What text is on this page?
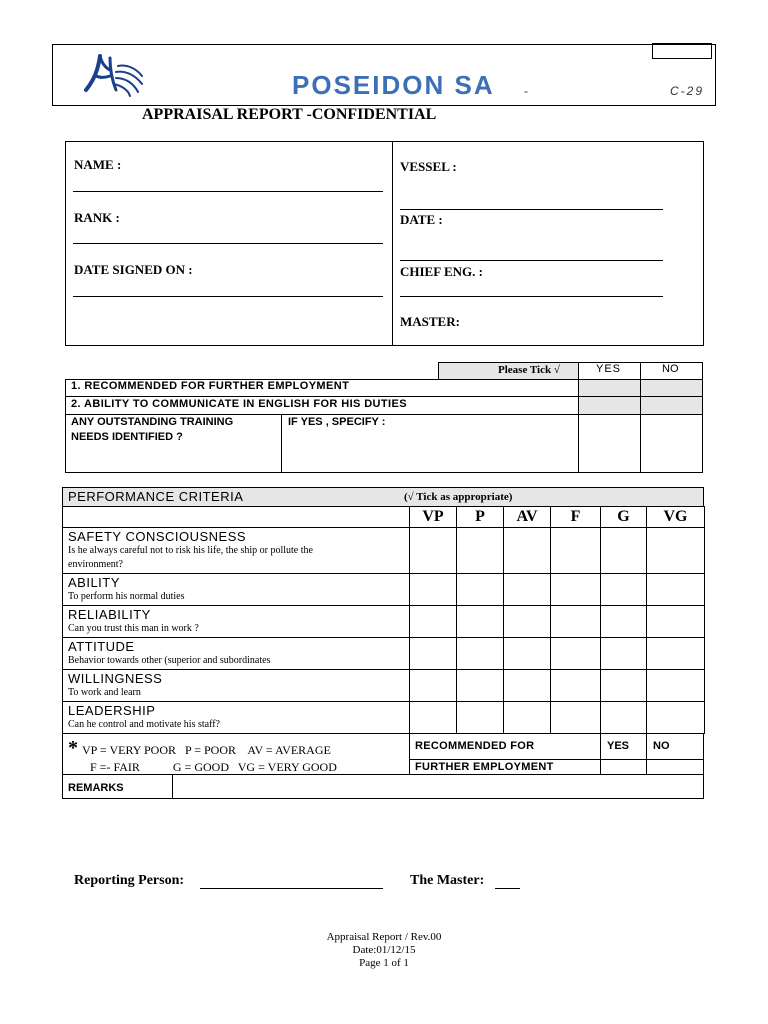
POSEIDON SA -	C-29
APPRAISAL REPORT -CONFIDENTIAL
NAME :
RANK :
DATE SIGNED ON :
VESSEL :
DATE :
CHIEF ENG. :
MASTER:
Please Tick √	YES	NO
1. RECOMMENDED FOR FURTHER EMPLOYMENT
2. ABILITY TO COMMUNICATE IN ENGLISH FOR HIS DUTIES
ANY OUTSTANDING TRAINING
NEEDS IDENTIFIED ?
IF YES , SPECIFY :
PERFORMANCE CRITERIA	(√ Tick as appropriate)
VP	P	AV	F	G	VG
SAFETY CONSCIOUSNESS
Is he always careful not to risk his life, the ship or pollute the
environment?
ABILITY
To perform his normal duties
RELIABILITY
Can you trust this man in work ?
ATTITUDE
Behavior towards other (superior and subordinates
WILLINGNESS
To work and learn
LEADERSHIP
Can he control and motivate his staff?
* VP = VERY POOR   P = POOR    AV = AVERAGE
F =- FAIR           G = GOOD   VG = VERY GOOD
RECOMMENDED FOR
FURTHER EMPLOYMENT
YES NO
REMARKS
Reporting Person:	The Master:
Appraisal Report / Rev.00
Date:01/12/15
Page 1 of 1
